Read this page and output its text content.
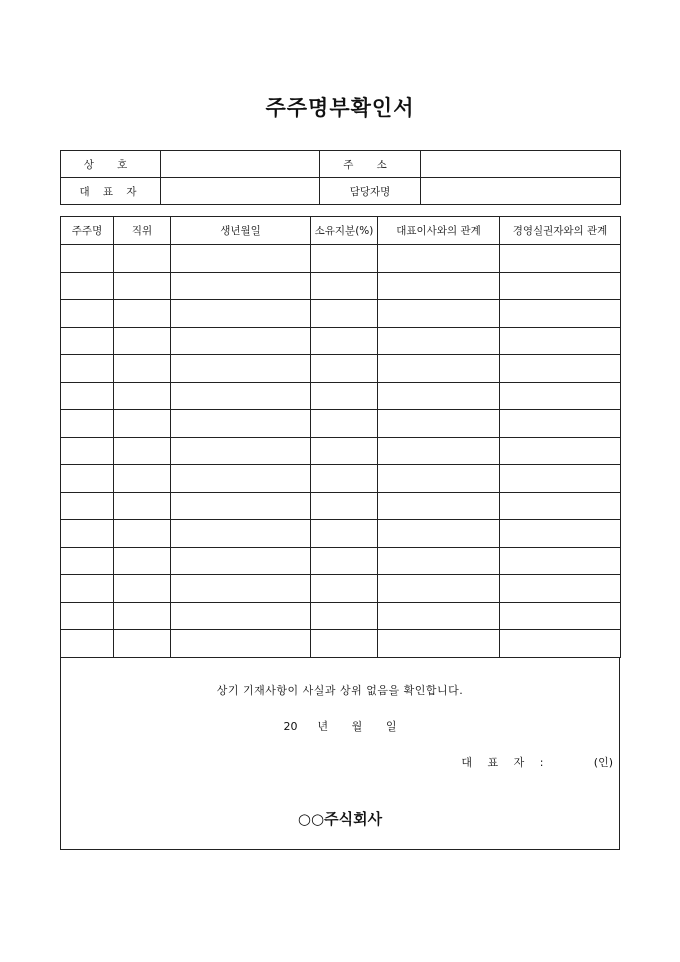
주주명부확인서
상 호		주 소	
대 표 자		담당자명	
주주명	직위	생년월일	소유지분(%)	대표이사와의 관계	경영실권자와의 관계

상기 기재사항이 사실과 상위 없음을 확인합니다.
20 년 월 일
대 표 자 :	(인)
○○주식회사
